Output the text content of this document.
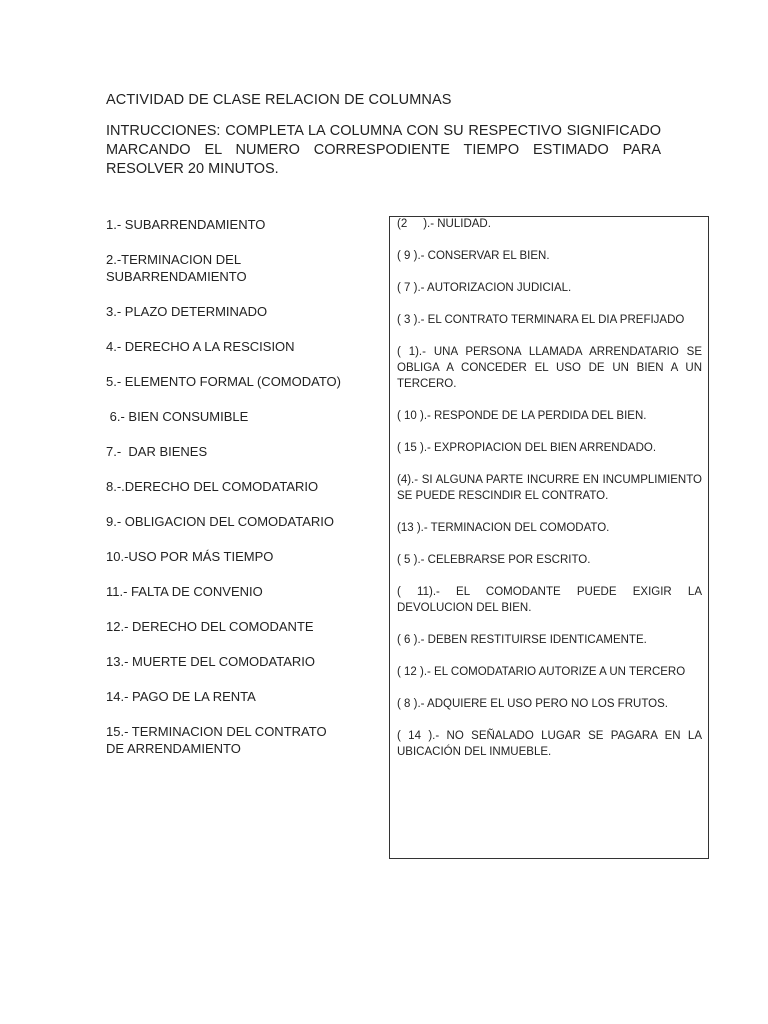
ACTIVIDAD DE CLASE RELACION DE COLUMNAS
INTRUCCIONES: COMPLETA LA COLUMNA CON SU RESPECTIVO SIGNIFICADO MARCANDO EL NUMERO CORRESPODIENTE TIEMPO ESTIMADO PARA RESOLVER 20 MINUTOS.
1.- SUBARRENDAMIENTO
2.-TERMINACION DEL SUBARRENDAMIENTO
3.- PLAZO DETERMINADO
4.- DERECHO A LA RESCISION
5.- ELEMENTO FORMAL (COMODATO)
6.- BIEN CONSUMIBLE
7.-  DAR BIENES
8.-.DERECHO DEL COMODATARIO
9.- OBLIGACION DEL COMODATARIO
10.-USO POR MÁS TIEMPO
11.- FALTA DE CONVENIO
12.- DERECHO DEL COMODANTE
13.- MUERTE DEL COMODATARIO
14.- PAGO DE LA RENTA
15.- TERMINACION DEL CONTRATO DE ARRENDAMIENTO
(2     ).- NULIDAD.
( 9 ).- CONSERVAR EL BIEN.
( 7 ).- AUTORIZACION JUDICIAL.
( 3 ).- EL CONTRATO TERMINARA EL DIA PREFIJADO
( 1).- UNA PERSONA LLAMADA ARRENDATARIO SE OBLIGA A CONCEDER EL USO DE UN BIEN A UN TERCERO.
( 10 ).- RESPONDE DE LA PERDIDA DEL BIEN.
( 15 ).- EXPROPIACION DEL BIEN ARRENDADO.
(4).- SI ALGUNA PARTE INCURRE EN INCUMPLIMIENTO SE PUEDE RESCINDIR EL CONTRATO.
(13 ).- TERMINACION DEL COMODATO.
( 5 ).- CELEBRARSE POR ESCRITO.
( 11).- EL COMODANTE PUEDE EXIGIR LA DEVOLUCION DEL BIEN.
( 6 ).- DEBEN RESTITUIRSE IDENTICAMENTE.
( 12 ).- EL COMODATARIO AUTORIZE A UN TERCERO
( 8 ).- ADQUIERE EL USO PERO NO LOS FRUTOS.
( 14 ).- NO SEÑALADO LUGAR SE PAGARA EN LA UBICACIÓN DEL INMUEBLE.
